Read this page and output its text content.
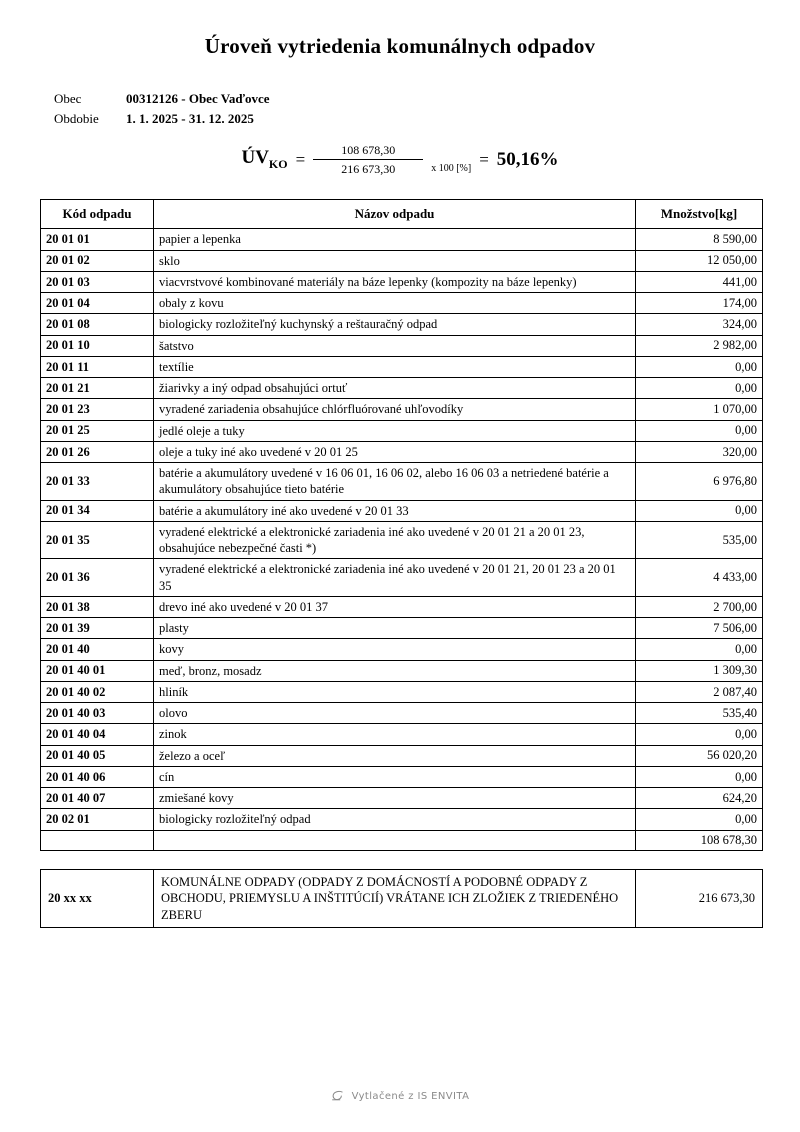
Úroveň vytriedenia komunálnych odpadov
Obec	00312126 - Obec Vaďovce
Obdobie	1. 1. 2025 - 31. 12. 2025
$ÚV_{KO} = \frac{108 678,30}{216 673,30}$ x 100 [%]
= 50,16%
Kód odpadu	Názov odpadu	Množstvo[kg]
20 01 01	papier a lepenka	8 590,00
20 01 02	sklo	12 050,00
20 01 03	viacvrstvové kombinované materiály na báze lepenky (kompozity na báze lepenky)	441,00
20 01 04	obaly z kovu	174,00
20 01 08	biologicky rozložiteľný kuchynský a reštauračný odpad	324,00
20 01 10	šatstvo	2 982,00
20 01 11	textílie	0,00
20 01 21	žiarivky a iný odpad obsahujúci ortuť	0,00
20 01 23	vyradené zariadenia obsahujúce chlórfluórované uhľovodíky	1 070,00
20 01 25	jedlé oleje a tuky	0,00
20 01 26	oleje a tuky iné ako uvedené v 20 01 25	320,00
20 01 33	batérie a akumulátory uvedené v 16 06 01, 16 06 02, alebo 16 06 03 a netriedené batérie a akumulátory obsahujúce tieto batérie	6 976,80
20 01 34	batérie a akumulátory iné ako uvedené v 20 01 33	0,00
20 01 35	vyradené elektrické a elektronické zariadenia iné ako uvedené v 20 01 21 a 20 01 23, obsahujúce nebezpečné časti *)	535,00
20 01 36	vyradené elektrické a elektronické zariadenia iné ako uvedené v 20 01 21, 20 01 23 a 20 01 35	4 433,00
20 01 38	drevo iné ako uvedené v 20 01 37	2 700,00
20 01 39	plasty	7 506,00
20 01 40	kovy	0,00
20 01 40 01	meď, bronz, mosadz	1 309,30
20 01 40 02	hliník	2 087,40
20 01 40 03	olovo	535,40
20 01 40 04	zinok	0,00
20 01 40 05	železo a oceľ	56 020,20
20 01 40 06	cín	0,00
20 01 40 07	zmiešané kovy	624,20
20 02 01	biologicky rozložiteľný odpad	0,00
		108 678,30
20 xx xx	KOMUNÁLNE ODPADY (ODPADY Z DOMÁCNOSTÍ A PODOBNÉ ODPADY Z OBCHODU, PRIEMYSLU A INŠTITÚCIÍ) VRÁTANE ICH ZLOŽIEK Z TRIEDENÉHO ZBERU	216 673,30
Vytlačené z IS ENVITA
